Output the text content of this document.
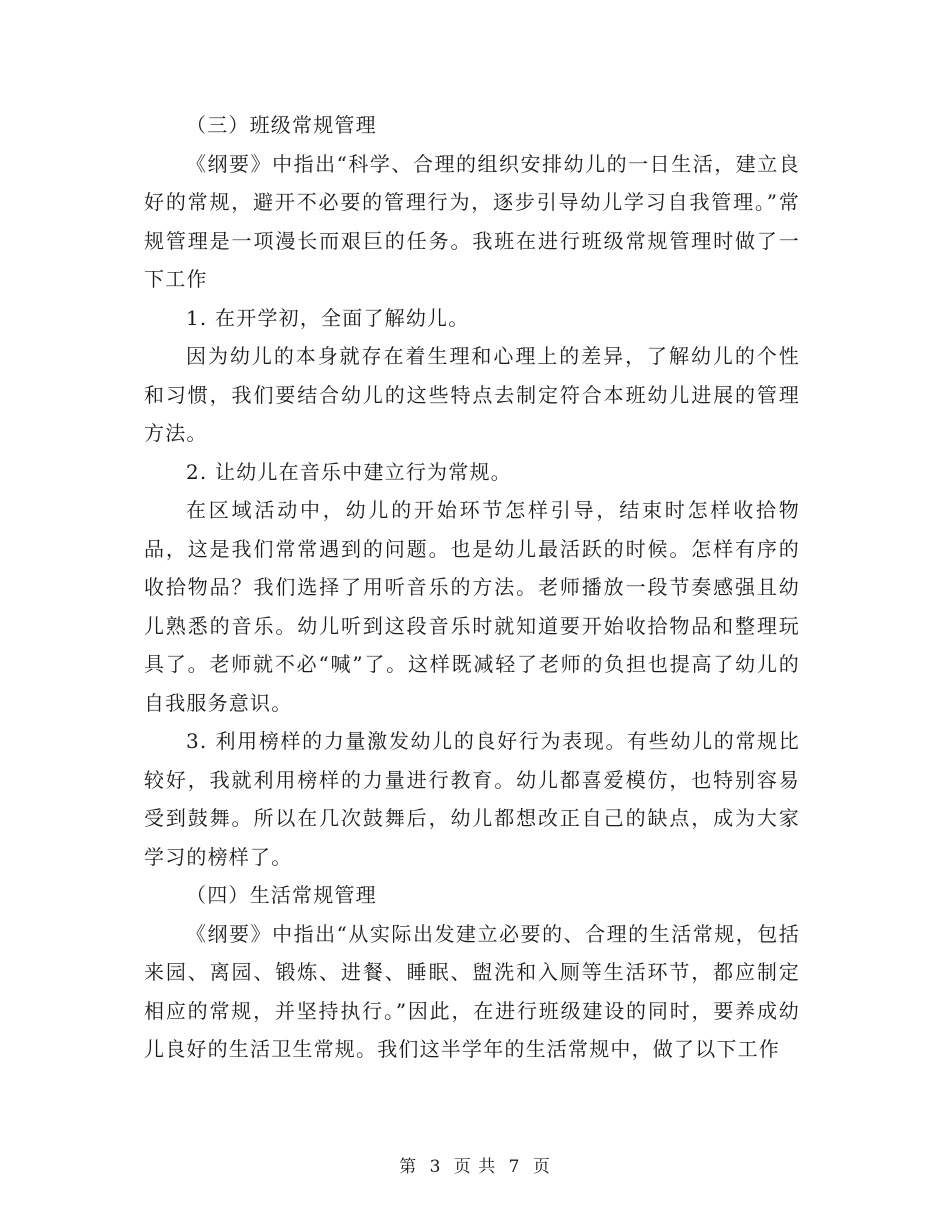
（三）班级常规管理

《纲要》中指出“科学、合理的组织安排幼儿的一日生活，建立良好的常规，避开不必要的管理行为，逐步引导幼儿学习自我管理。”常规管理是一项漫长而艰巨的任务。我班在进行班级常规管理时做了一下工作

1. 在开学初，全面了解幼儿。

因为幼儿的本身就存在着生理和心理上的差异，了解幼儿的个性和习惯，我们要结合幼儿的这些特点去制定符合本班幼儿进展的管理方法。

2. 让幼儿在音乐中建立行为常规。

在区域活动中，幼儿的开始环节怎样引导，结束时怎样收拾物品，这是我们常常遇到的问题。也是幼儿最活跃的时候。怎样有序的收拾物品？我们选择了用听音乐的方法。老师播放一段节奏感强且幼儿熟悉的音乐。幼儿听到这段音乐时就知道要开始收拾物品和整理玩具了。老师就不必“喊”了。这样既减轻了老师的负担也提高了幼儿的自我服务意识。

3. 利用榜样的力量激发幼儿的良好行为表现。有些幼儿的常规比较好，我就利用榜样的力量进行教育。幼儿都喜爱模仿，也特别容易受到鼓舞。所以在几次鼓舞后，幼儿都想改正自己的缺点，成为大家学习的榜样了。

（四）生活常规管理

《纲要》中指出“从实际出发建立必要的、合理的生活常规，包括来园、离园、锻炼、进餐、睡眠、盥洗和入厕等生活环节，都应制定相应的常规，并坚持执行。”因此，在进行班级建设的同时，要养成幼儿良好的生活卫生常规。我们这半学年的生活常规中，做了以下工作

第 3 页 共 7 页
